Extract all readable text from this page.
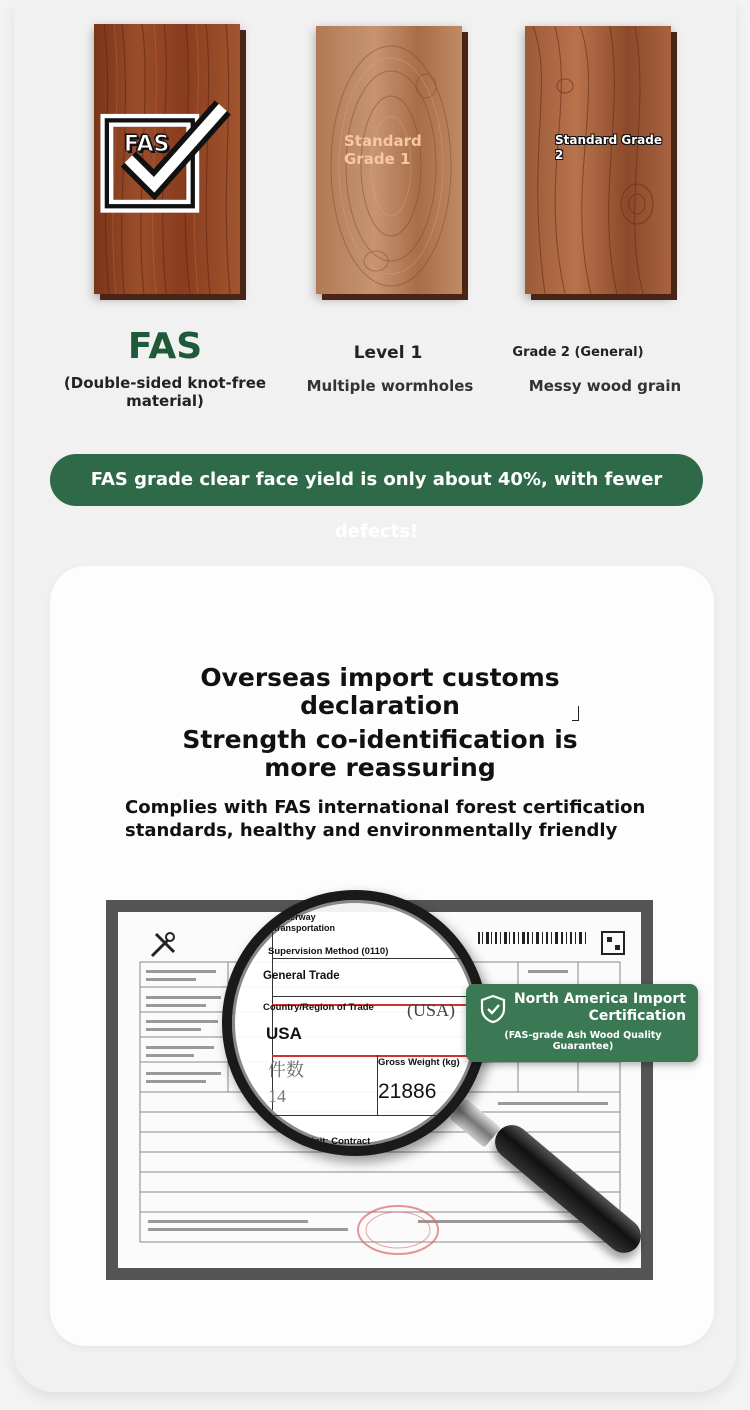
FAS	Standard Grade 1
Standard Grade 2
FAS
(Double-sided knot-free material)
Level 1
Multiple wormholes
Grade 2 (General)
Messy wood grain
FAS grade clear face yield is only about 40%, with fewer defects!
Overseas import customs declaration
Strength co-identification is more reassuring
Complies with FAS international forest certification standards, healthy and environmentally friendly
Waterway transportation
Supervision Method (0110)
General Trade
Country/Region of Trade (USA)
USA
件数
14
Gross Weight (kg)
21886
Unit: Contract
North America Import Certification
(FAS-grade Ash Wood Quality Guarantee)
